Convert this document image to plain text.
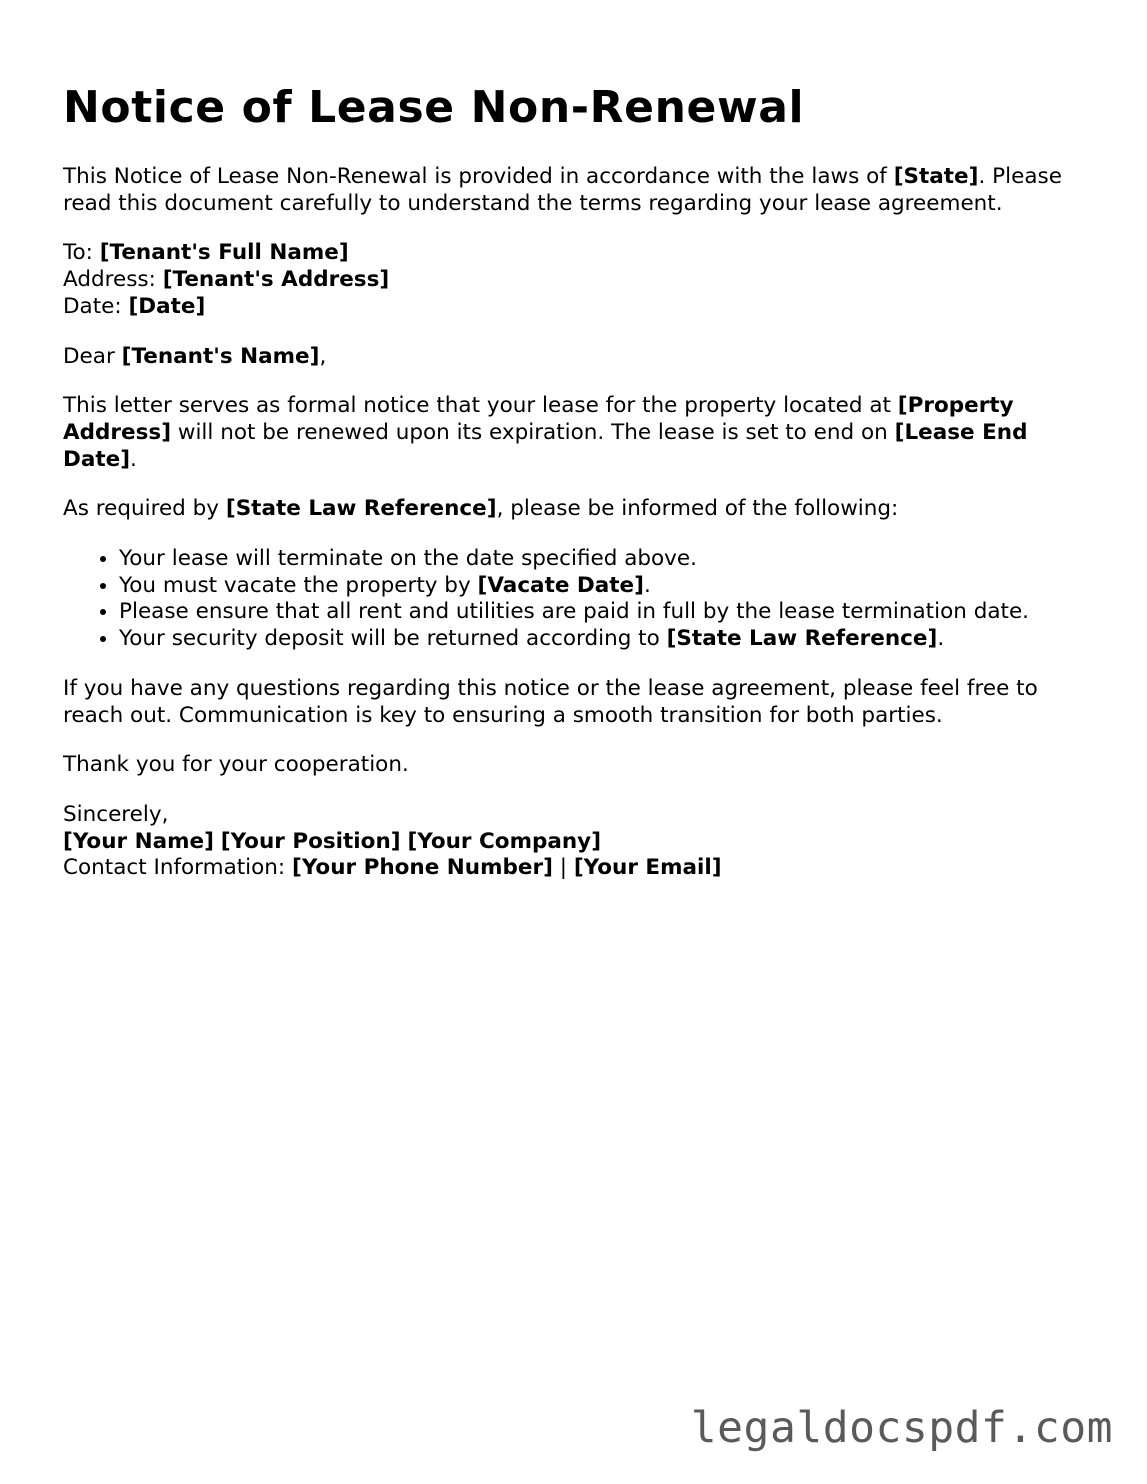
Notice of Lease Non-Renewal

This Notice of Lease Non-Renewal is provided in accordance with the laws of [State]. Please read this document carefully to understand the terms regarding your lease agreement.

To: [Tenant's Full Name]
Address: [Tenant's Address]
Date: [Date]

Dear [Tenant's Name],

This letter serves as formal notice that your lease for the property located at [Property Address] will not be renewed upon its expiration. The lease is set to end on [Lease End Date].

As required by [State Law Reference], please be informed of the following:

• Your lease will terminate on the date specified above.
• You must vacate the property by [Vacate Date].
• Please ensure that all rent and utilities are paid in full by the lease termination date.
• Your security deposit will be returned according to [State Law Reference].

If you have any questions regarding this notice or the lease agreement, please feel free to reach out. Communication is key to ensuring a smooth transition for both parties.

Thank you for your cooperation.

Sincerely,
[Your Name] [Your Position] [Your Company]
Contact Information: [Your Phone Number] | [Your Email]

legaldocspdf.com
